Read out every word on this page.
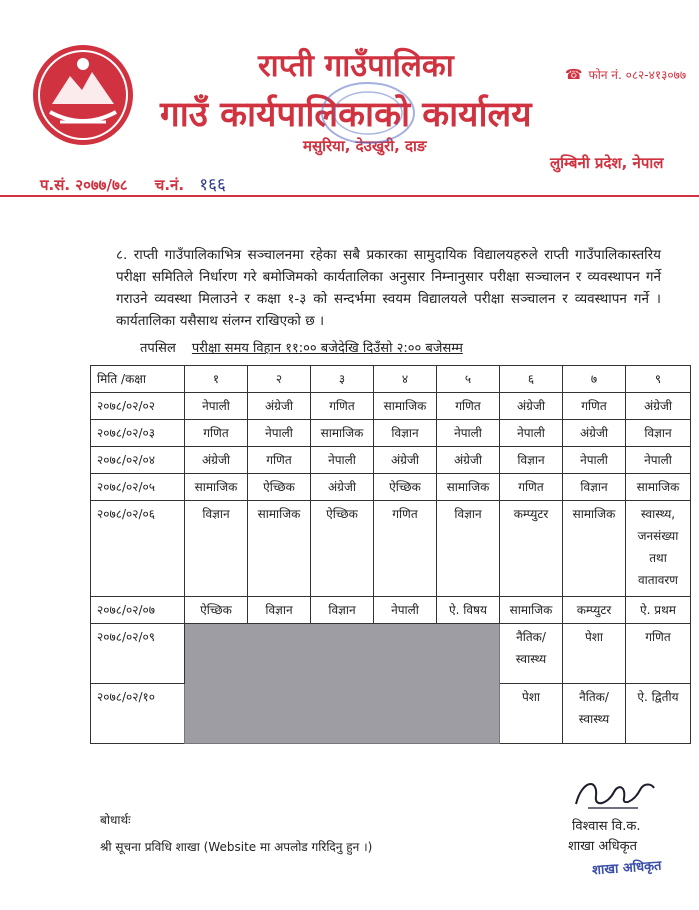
राप्ती गाउँपालिका
गाउँ कार्यपालिकाको कार्यालय
मसुरिया, देउखुरी, दाङ
☎ फोन नं. ०८२-४१३०७७
लुम्बिनी प्रदेश, नेपाल
प.सं. २०७७/७८ च.नं. १६६
८. राप्ती गाउँपालिकाभित्र सञ्चालनमा रहेका सबै प्रकारका सामुदायिक विद्यालयहरुले राप्ती गाउँपालिकास्तरिय परीक्षा समितिले निर्धारण गरे बमोजिमको कार्यतालिका अनुसार निम्नानुसार परीक्षा सञ्चालन र व्यवस्थापन गर्ने गराउने व्यवस्था मिलाउने र कक्षा १-३ को सन्दर्भमा स्वयम विद्यालयले परीक्षा सञ्चालन र व्यवस्थापन गर्ने । कार्यतालिका यसैसाथ संलग्न राखिएको छ ।
तपसिल परीक्षा समय विहान ११:०० बजेदेखि दिउँसो २:०० बजेसम्म
मिति /कक्षा	१	२	३	४	५	६	७	९
२०७८/०२/०२	नेपाली	अंग्रेजी	गणित	सामाजिक	गणित	अंग्रेजी	गणित	अंग्रेजी
२०७८/०२/०३	गणित	नेपाली	सामाजिक	विज्ञान	नेपाली	नेपाली	अंग्रेजी	विज्ञान
२०७८/०२/०४	अंग्रेजी	गणित	नेपाली	अंग्रेजी	अंग्रेजी	विज्ञान	नेपाली	नेपाली
२०७८/०२/०५	सामाजिक	ऐच्छिक	अंग्रेजी	ऐच्छिक	सामाजिक	गणित	विज्ञान	सामाजिक
२०७८/०२/०६	विज्ञान	सामाजिक	ऐच्छिक	गणित	विज्ञान	कम्प्युटर	सामाजिक	स्वास्थ्य, जनसंख्या तथा वातावरण
२०७८/०२/०७	ऐच्छिक	विज्ञान	विज्ञान	नेपाली	ऐ. विषय	सामाजिक	कम्प्युटर	ऐ. प्रथम
२०७८/०२/०९						नैतिक/ स्वास्थ्य	पेशा	गणित
२०७८/०२/१०						पेशा	नैतिक/ स्वास्थ्य	ऐ. द्वितीय
बोधार्थः
श्री सूचना प्रविधि शाखा (Website मा अपलोड गरिदिनु हुन ।)
विश्वास वि.क.
शाखा अधिकृत
शाखा अधिकृत
